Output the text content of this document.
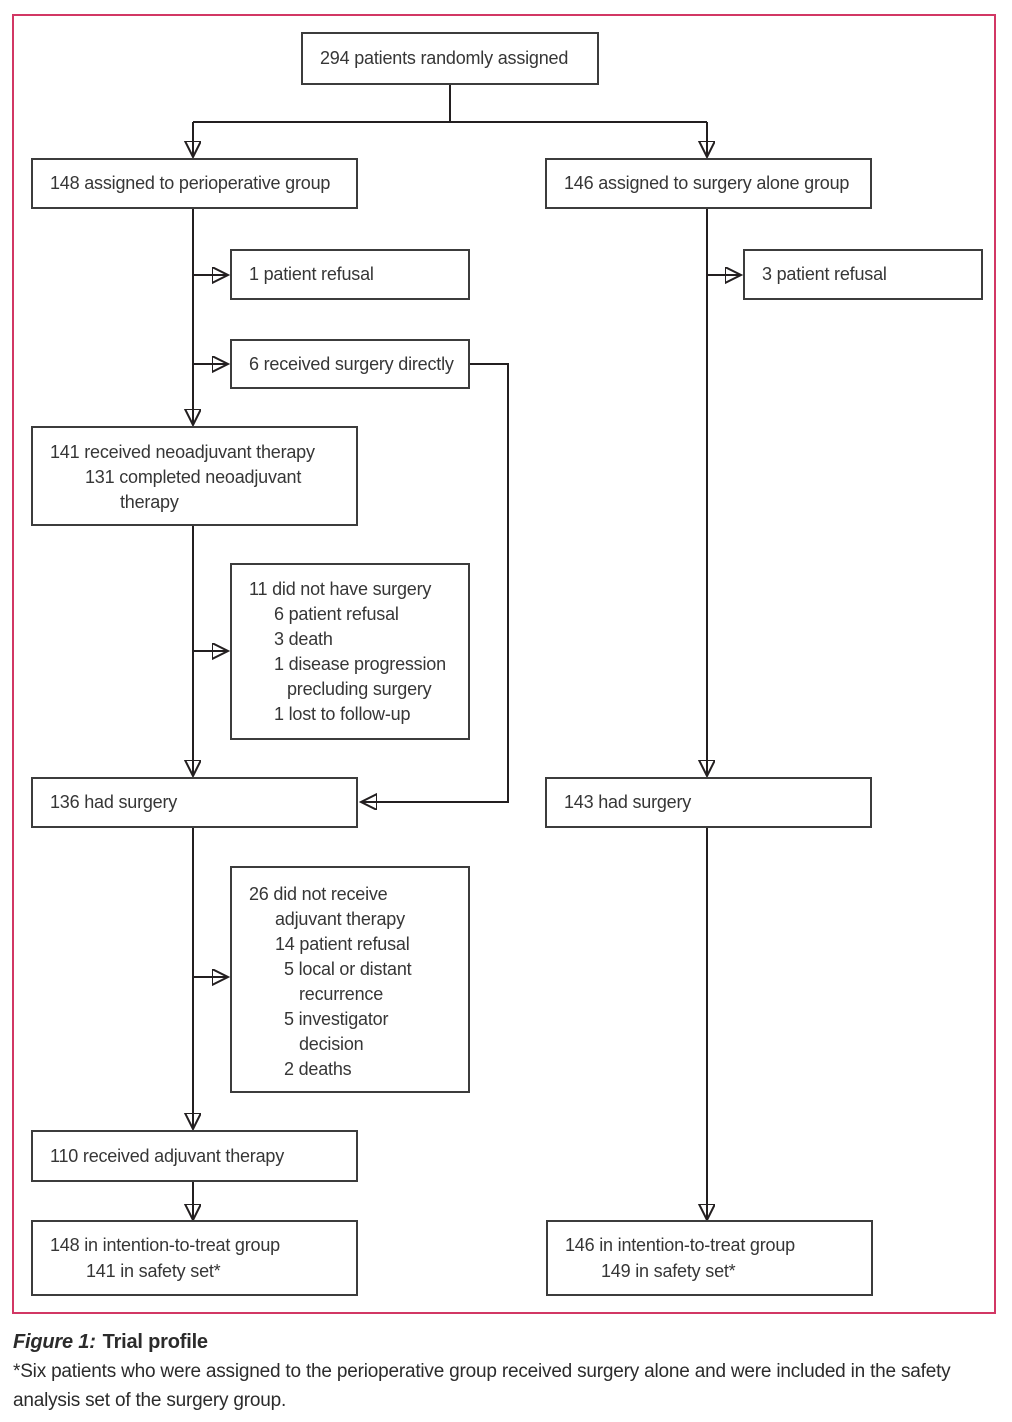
294 patients randomly assigned
148 assigned to perioperative group	146 assigned to surgery alone group
1 patient refusal	3 patient refusal
6 received surgery directly
141 received neoadjuvant therapy
131 completed neoadjuvant
therapy
11 did not have surgery
6 patient refusal
3 death
1 disease progression
precluding surgery
1 lost to follow-up
136 had surgery	143 had surgery
26 did not receive
adjuvant therapy
14 patient refusal
5 local or distant
recurrence
5 investigator
decision
2 deaths
110 received adjuvant therapy
148 in intention-to-treat group
141 in safety set*
146 in intention-to-treat group
149 in safety set*
Figure 1: Trial profile
*Six patients who were assigned to the perioperative group received surgery alone and were included in the safety analysis set of the surgery group.
